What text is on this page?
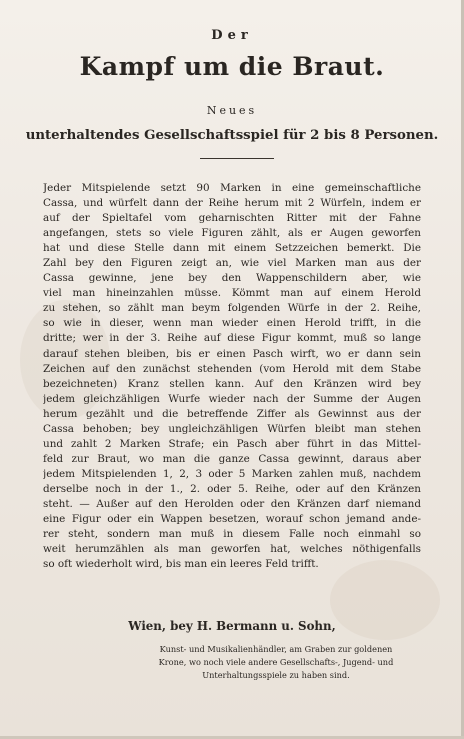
Der
Kampf um die Braut.
Neues
unterhaltendes Gesellschaftsspiel für 2 bis 8 Personen.
Jeder Mitspielende setzt 90 Marken in eine gemeinschaftliche
Cassa, und würfelt dann der Reihe herum mit 2 Würfeln, indem er
auf der Spieltafel vom geharnischten Ritter mit der Fahne
angefangen, stets so viele Figuren zählt, als er Augen geworfen
hat und diese Stelle dann mit einem Setzzeichen bemerkt. Die
Zahl bey den Figuren zeigt an, wie viel Marken man aus der
Cassa gewinne, jene bey den Wappenschildern aber, wie
viel man hineinzahlen müsse. Kömmt man auf einem Herold
zu stehen, so zählt man beym folgenden Würfe in der 2. Reihe,
so wie in dieser, wenn man wieder einen Herold trifft, in die
dritte; wer in der 3. Reihe auf diese Figur kommt, muß so lange
darauf stehen bleiben, bis er einen Pasch wirft, wo er dann sein
Zeichen auf den zunächst stehenden (vom Herold mit dem Stabe
bezeichneten) Kranz stellen kann. Auf den Kränzen wird bey
jedem gleichzähligen Wurfe wieder nach der Summe der Augen
herum gezählt und die betreffende Ziffer als Gewinnst aus der
Cassa behoben; bey ungleichzähligen Würfen bleibt man stehen
und zahlt 2 Marken Strafe; ein Pasch aber führt in das Mittel-
feld zur Braut, wo man die ganze Cassa gewinnt, daraus aber
jedem Mitspielenden 1, 2, 3 oder 5 Marken zahlen muß, nachdem
derselbe noch in der 1., 2. oder 5. Reihe, oder auf den Kränzen
steht. — Außer auf den Herolden oder den Kränzen darf niemand
eine Figur oder ein Wappen besetzen, worauf schon jemand ande-
rer steht, sondern man muß in diesem Falle noch einmahl so
weit herumzählen als man geworfen hat, welches nöthigenfalls
so oft wiederholt wird, bis man ein leeres Feld trifft.
Wien, bey H. Bermann u. Sohn,
Kunst- und Musikalienhändler, am Graben zur goldenen
Krone, wo noch viele andere Gesellschafts-, Jugend- und
Unterhaltungsspiele zu haben sind.
